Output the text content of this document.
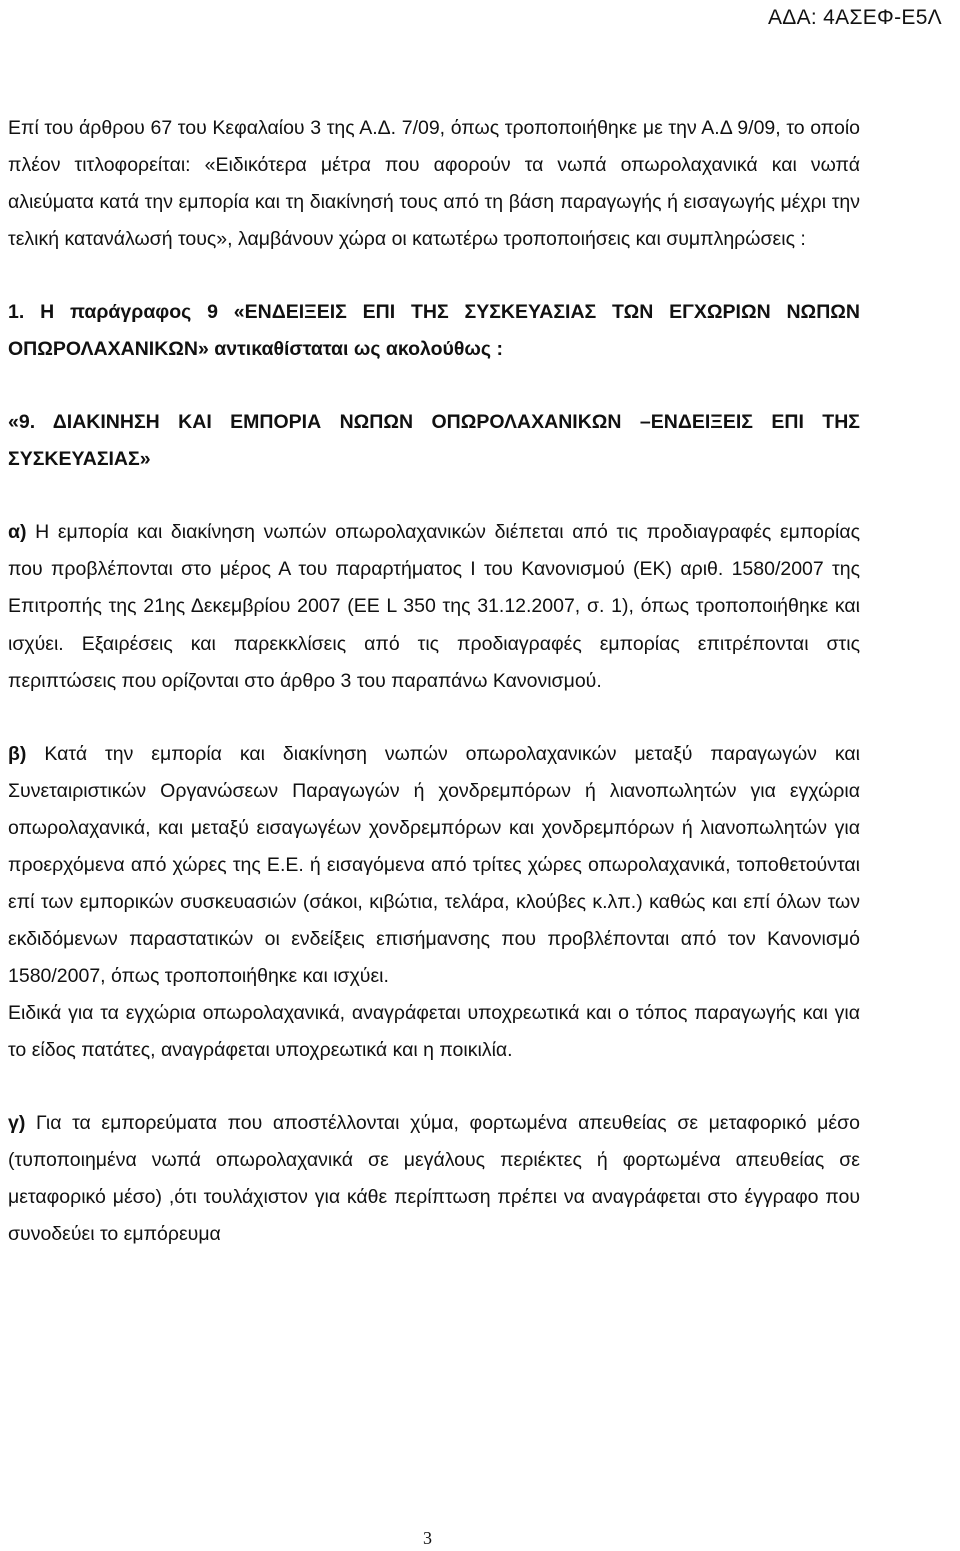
ΑΔΑ: 4ΑΣΕΦ-Ε5Λ

Επί του άρθρου 67 του Κεφαλαίου 3 της Α.Δ. 7/09, όπως τροποποιήθηκε με την Α.Δ 9/09, το οποίο πλέον τιτλοφορείται: «Ειδικότερα μέτρα που αφορούν τα νωπά οπωρολαχανικά και νωπά αλιεύματα κατά την εμπορία και τη διακίνησή τους από τη βάση παραγωγής ή εισαγωγής μέχρι την τελική κατανάλωσή τους», λαμβάνουν χώρα οι κατωτέρω τροποποιήσεις και συμπληρώσεις :

1. Η παράγραφος 9 «ΕΝΔΕΙΞΕΙΣ ΕΠΙ ΤΗΣ ΣΥΣΚΕΥΑΣΙΑΣ ΤΩΝ ΕΓΧΩΡΙΩΝ ΝΩΠΩΝ ΟΠΩΡΟΛΑΧΑΝΙΚΩΝ» αντικαθίσταται ως ακολούθως :

«9. ΔΙΑΚΙΝΗΣΗ ΚΑΙ ΕΜΠΟΡΙΑ ΝΩΠΩΝ ΟΠΩΡΟΛΑΧΑΝΙΚΩΝ –ΕΝΔΕΙΞΕΙΣ ΕΠΙ ΤΗΣ ΣΥΣΚΕΥΑΣΙΑΣ»

α) Η εμπορία και διακίνηση νωπών οπωρολαχανικών διέπεται από τις προδιαγραφές εμπορίας που προβλέπονται στο μέρος Α του παραρτήματος Ι του Κανονισμού (ΕΚ) αριθ. 1580/2007 της Επιτροπής της 21ης Δεκεμβρίου 2007 (ΕΕ L 350 της 31.12.2007, σ. 1), όπως τροποποιήθηκε και ισχύει. Εξαιρέσεις και παρεκκλίσεις από τις προδιαγραφές εμπορίας επιτρέπονται στις περιπτώσεις που ορίζονται στο άρθρο 3 του παραπάνω Κανονισμού.

β) Κατά την εμπορία και διακίνηση νωπών οπωρολαχανικών μεταξύ παραγωγών και Συνεταιριστικών Οργανώσεων Παραγωγών ή χονδρεμπόρων ή λιανοπωλητών για εγχώρια οπωρολαχανικά, και μεταξύ εισαγωγέων χονδρεμπόρων και χονδρεμπόρων ή λιανοπωλητών για προερχόμενα από χώρες της Ε.Ε. ή εισαγόμενα από τρίτες χώρες οπωρολαχανικά, τοποθετούνται επί των εμπορικών συσκευασιών (σάκοι, κιβώτια, τελάρα, κλούβες κ.λπ.) καθώς και επί όλων των εκδιδόμενων παραστατικών οι ενδείξεις επισήμανσης που προβλέπονται από τον Κανονισμό 1580/2007, όπως τροποποιήθηκε και ισχύει.

Ειδικά για τα εγχώρια οπωρολαχανικά, αναγράφεται υποχρεωτικά και ο τόπος παραγωγής και για το είδος πατάτες, αναγράφεται υποχρεωτικά και η ποικιλία.

γ) Για τα εμπορεύματα που αποστέλλονται χύμα, φορτωμένα απευθείας σε μεταφορικό μέσο (τυποποιημένα νωπά οπωρολαχανικά σε μεγάλους περιέκτες ή φορτωμένα απευθείας σε μεταφορικό μέσο) ,ότι τουλάχιστον για κάθε περίπτωση πρέπει να αναγράφεται στο έγγραφο που συνοδεύει το εμπόρευμα

3
